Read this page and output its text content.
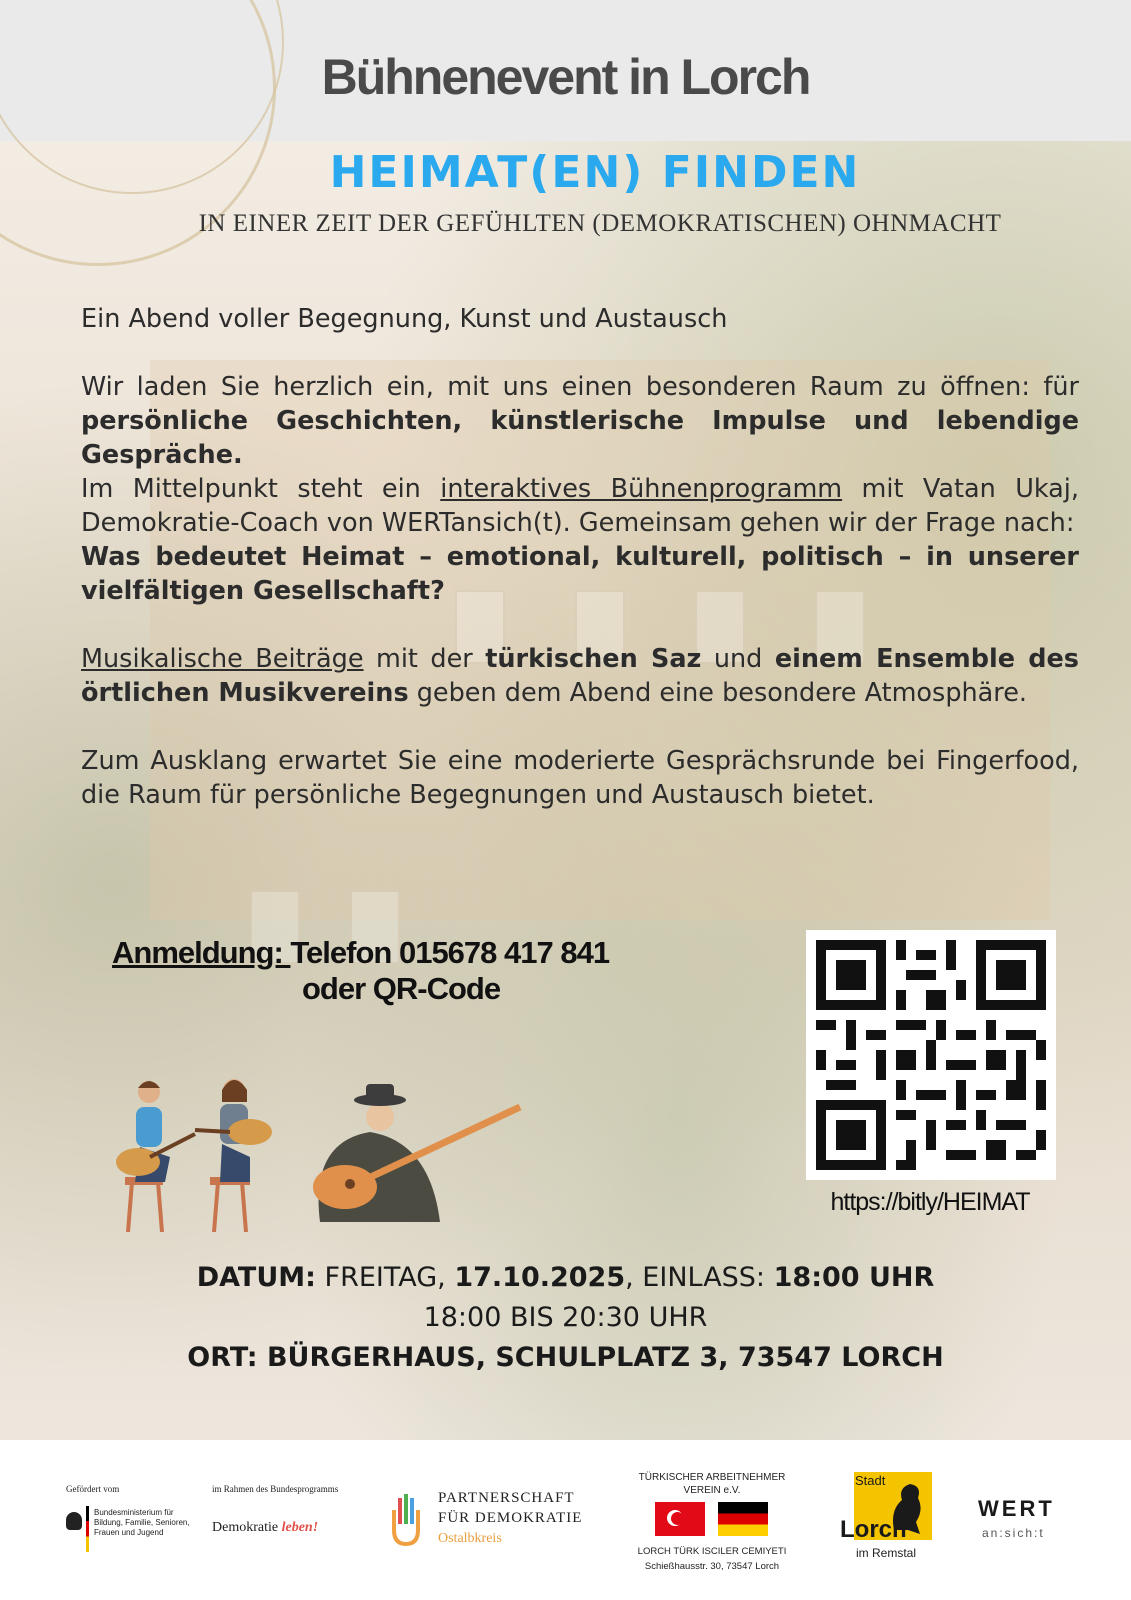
Bühnenevent in Lorch
HEIMAT(EN) FINDEN
IN EINER ZEIT DER GEFÜHLTEN (DEMOKRATISCHEN) OHNMACHT

Ein Abend voller Begegnung, Kunst und Austausch

Wir laden Sie herzlich ein, mit uns einen besonderen Raum zu öffnen: für persönliche Geschichten, künstlerische Impulse und lebendige Gespräche.

Im Mittelpunkt steht ein interaktives Bühnenprogramm mit Vatan Ukaj, Demokratie-Coach von WERTansich(t). Gemeinsam gehen wir der Frage nach:
Was bedeutet Heimat – emotional, kulturell, politisch – in unserer vielfältigen Gesellschaft?

Musikalische Beiträge mit der türkischen Saz und einem Ensemble des örtlichen Musikvereins geben dem Abend eine besondere Atmosphäre.

Zum Ausklang erwartet Sie eine moderierte Gesprächsrunde bei Fingerfood, die Raum für persönliche Begegnungen und Austausch bietet.

Anmeldung: Telefon 015678 417 841
oder QR-Code
https://bitly/HEIMAT
DATUM: FREITAG, 17.10.2025, EINLASS: 18:00 UHR
18:00 BIS 20:30 UHR
ORT: BÜRGERHAUS, SCHULPLATZ 3, 73547 LORCH
Gefördert vom
Bundesministerium für Bildung, Familie, Senioren, Frauen und Jugend
im Rahmen des Bundesprogramms
Demokratie leben!
PARTNERSCHAFT
FÜR DEMOKRATIE
Ostalbkreis
TÜRKISCHER ARBEITNEHMER
VEREIN e.V.
LORCH TÜRK ISCILER CEMIYETI
Schießhausstr. 30, 73547 Lorch
Stadt
Lorch
im Remstal
WERT
an:sich:t
